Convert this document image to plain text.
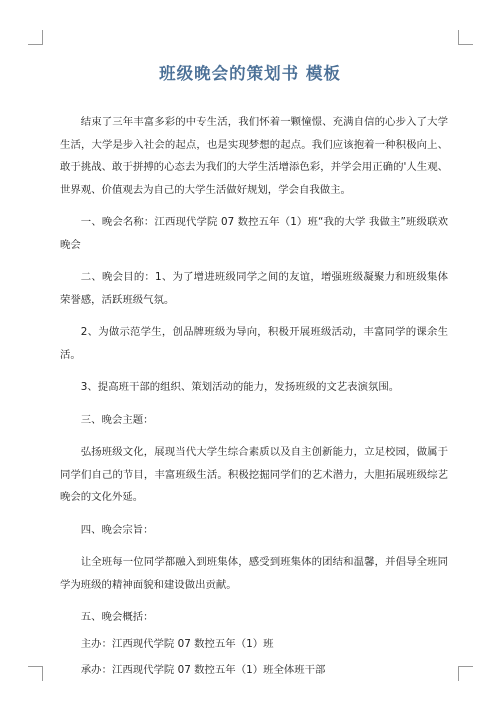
班级晚会的策划书 模板

结束了三年丰富多彩的中专生活，我们怀着一颗憧憬、充满自信的心步入了大学生活，大学是步入社会的起点，也是实现梦想的起点。我们应该抱着一种积极向上、敢于挑战、敢于拼搏的心态去为我们的大学生活增添色彩，并学会用正确的'人生观、世界观、价值观去为自己的大学生活做好规划，学会自我做主。

一、晚会名称：江西现代学院 07 数控五年（1）班“我的大学 我做主”班级联欢晚会

二、晚会目的：1、为了增进班级同学之间的友谊，增强班级凝聚力和班级集体荣誉感，活跃班级气氛。

2、为做示范学生，创品牌班级为导向，积极开展班级活动，丰富同学的课余生活。

3、提高班干部的组织、策划活动的能力，发扬班级的文艺表演氛围。

三、晚会主题：

弘扬班级文化，展现当代大学生综合素质以及自主创新能力，立足校园，做属于同学们自己的节目，丰富班级生活。积极挖掘同学们的艺术潜力，大胆拓展班级综艺晚会的文化外延。

四、晚会宗旨：

让全班每一位同学都融入到班集体，感受到班集体的团结和温馨，并倡导全班同学为班级的精神面貌和建设做出贡献。

五、晚会概括：

主办：江西现代学院 07 数控五年（1）班

承办：江西现代学院 07 数控五年（1）班全体班干部
